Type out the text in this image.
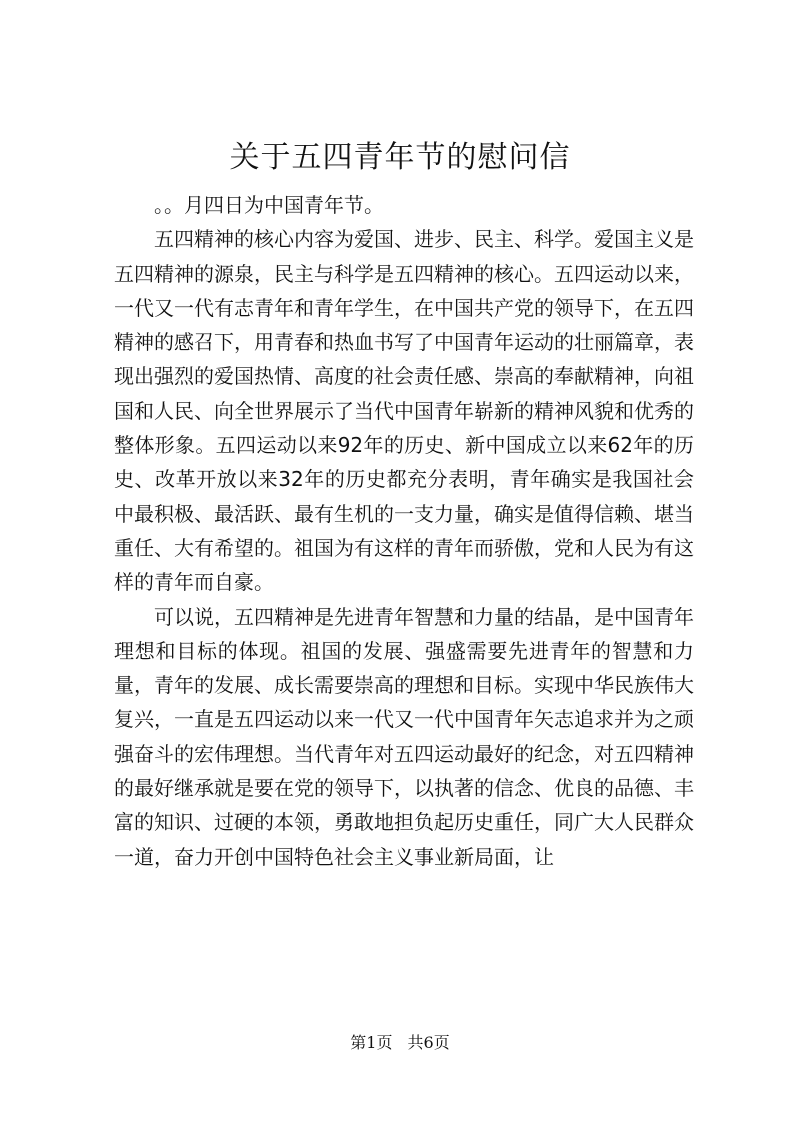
关于五四青年节的慰问信

。。月四日为中国青年节。

五四精神的核心内容为爱国、进步、民主、科学。爱国主义是五四精神的源泉，民主与科学是五四精神的核心。五四运动以来，一代又一代有志青年和青年学生，在中国共产党的领导下，在五四精神的感召下，用青春和热血书写了中国青年运动的壮丽篇章，表现出强烈的爱国热情、高度的社会责任感、崇高的奉献精神，向祖国和人民、向全世界展示了当代中国青年崭新的精神风貌和优秀的整体形象。五四运动以来92年的历史、新中国成立以来62年的历史、改革开放以来32年的历史都充分表明，青年确实是我国社会中最积极、最活跃、最有生机的一支力量，确实是值得信赖、堪当重任、大有希望的。祖国为有这样的青年而骄傲，党和人民为有这样的青年而自豪。

可以说，五四精神是先进青年智慧和力量的结晶，是中国青年理想和目标的体现。祖国的发展、强盛需要先进青年的智慧和力量，青年的发展、成长需要崇高的理想和目标。实现中华民族伟大复兴，一直是五四运动以来一代又一代中国青年矢志追求并为之顽强奋斗的宏伟理想。当代青年对五四运动最好的纪念，对五四精神的最好继承就是要在党的领导下，以执著的信念、优良的品德、丰富的知识、过硬的本领，勇敢地担负起历史重任，同广大人民群众一道，奋力开创中国特色社会主义事业新局面，让

第1页 共6页
